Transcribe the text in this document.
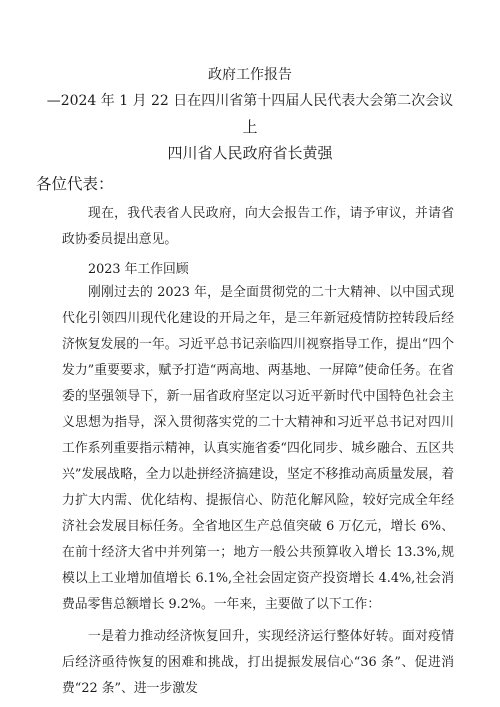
政府工作报告
—2024 年 1 月 22 日在四川省第十四届人民代表大会第二次会议
上
四川省人民政府省长黄强
各位代表：

现在，我代表省人民政府，向大会报告工作，请予审议，并请省政协委员提出意见。

2023 年工作回顾

刚刚过去的 2023 年，是全面贯彻党的二十大精神、以中国式现代化引领四川现代化建设的开局之年，是三年新冠疫情防控转段后经济恢复发展的一年。习近平总书记亲临四川视察指导工作，提出“四个发力”重要要求，赋予打造“两高地、两基地、一屏障”使命任务。在省委的坚强领导下，新一届省政府坚定以习近平新时代中国特色社会主义思想为指导，深入贯彻落实党的二十大精神和习近平总书记对四川工作系列重要指示精神，认真实施省委“四化同步、城乡融合、五区共兴”发展战略，全力以赴拼经济搞建设，坚定不移推动高质量发展，着力扩大内需、优化结构、提振信心、防范化解风险，较好完成全年经济社会发展目标任务。全省地区生产总值突破 6 万亿元，增长 6%、在前十经济大省中并列第一；地方一般公共预算收入增长 13.3%,规模以上工业增加值增长 6.1%,全社会固定资产投资增长 4.4%,社会消费品零售总额增长 9.2%。一年来，主要做了以下工作：

一是着力推动经济恢复回升，实现经济运行整体好转。面对疫情后经济亟待恢复的困难和挑战，打出提振发展信心“36 条”、促进消费“22 条”、进一步激发
